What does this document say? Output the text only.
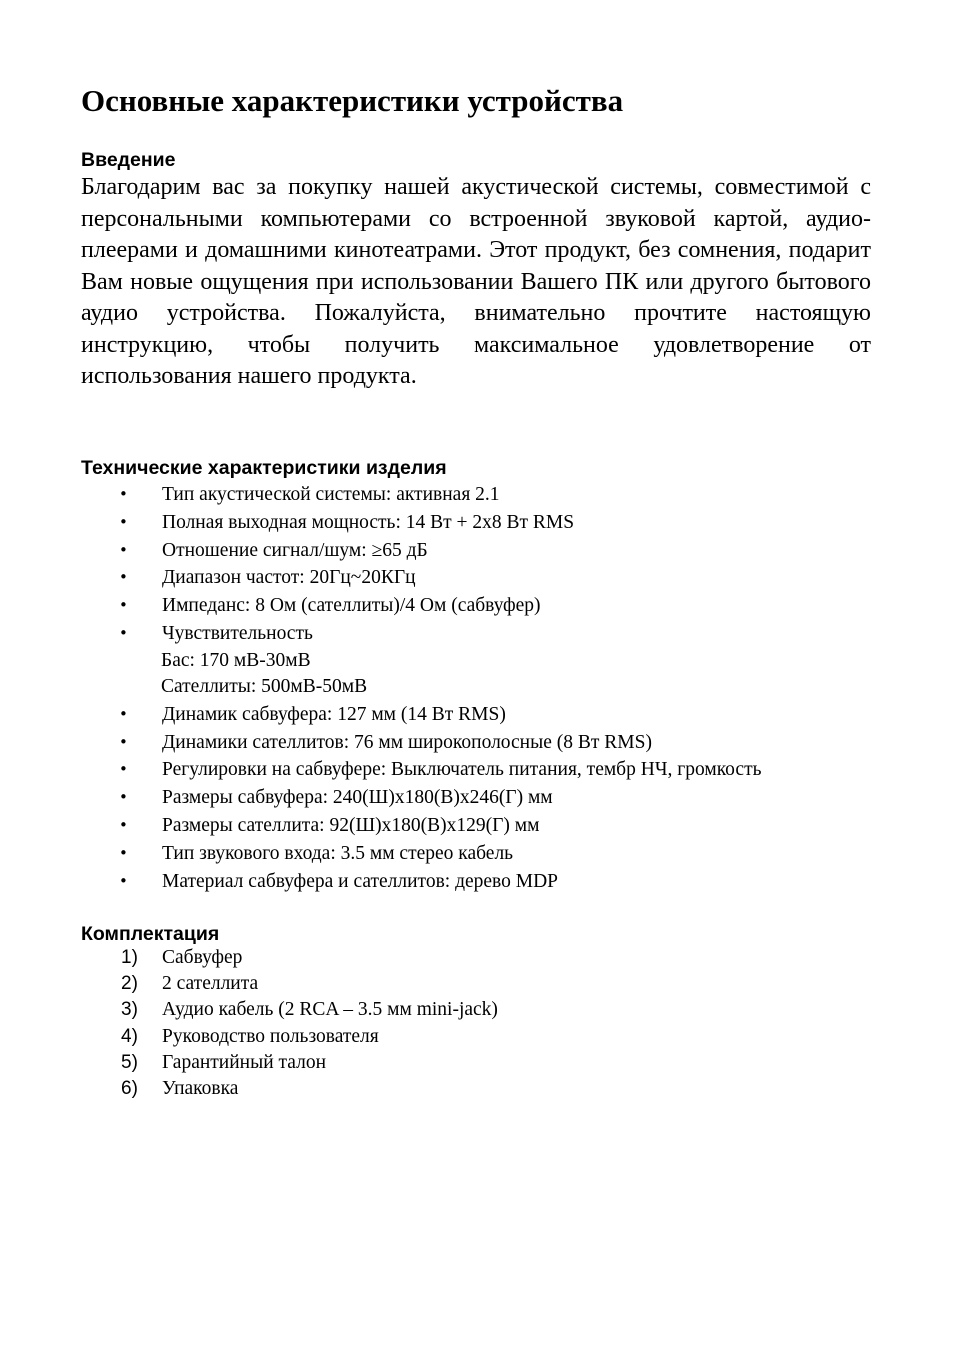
Основные характеристики устройства
Введение

Благодарим вас за покупку нашей акустической системы, совместимой с персональными компьютерами со встроенной звуковой картой, аудио-плеерами и домашними кинотеатрами. Этот продукт, без сомнения, подарит Вам новые ощущения при использовании Вашего ПК или другого бытового аудио устройства. Пожалуйста, внимательно прочтите настоящую инструкцию, чтобы получить максимальное удовлетворение от использования нашего продукта.

Технические характеристики изделия
• Тип акустической системы: активная 2.1
• Полная выходная мощность: 14 Вт + 2х8 Вт RMS
• Отношение сигнал/шум: ≥65 дБ
• Диапазон частот: 20Гц~20КГц
• Импеданс: 8 Ом (сателлиты)/4 Ом (сабвуфер)
• Чувствительность
Бас: 170 мВ-30мВ
Сателлиты: 500мВ-50мВ
• Динамик сабвуфера: 127 мм (14 Вт RMS)
• Динамики сателлитов: 76 мм широкополосные (8 Вт RMS)
• Регулировки на сабвуфере: Выключатель питания, тембр НЧ, громкость
• Размеры сабвуфера: 240(Ш)х180(В)х246(Г) мм
• Размеры сателлита: 92(Ш)х180(В)х129(Г) мм
• Тип звукового входа: 3.5 мм стерео кабель
• Материал сабвуфера и сателлитов: дерево MDP
Комплектация
1) Сабвуфер
2) 2 сателлита
3) Аудио кабель (2 RCA – 3.5 мм mini-jack)
4) Руководство пользователя
5) Гарантийный талон
6) Упаковка
